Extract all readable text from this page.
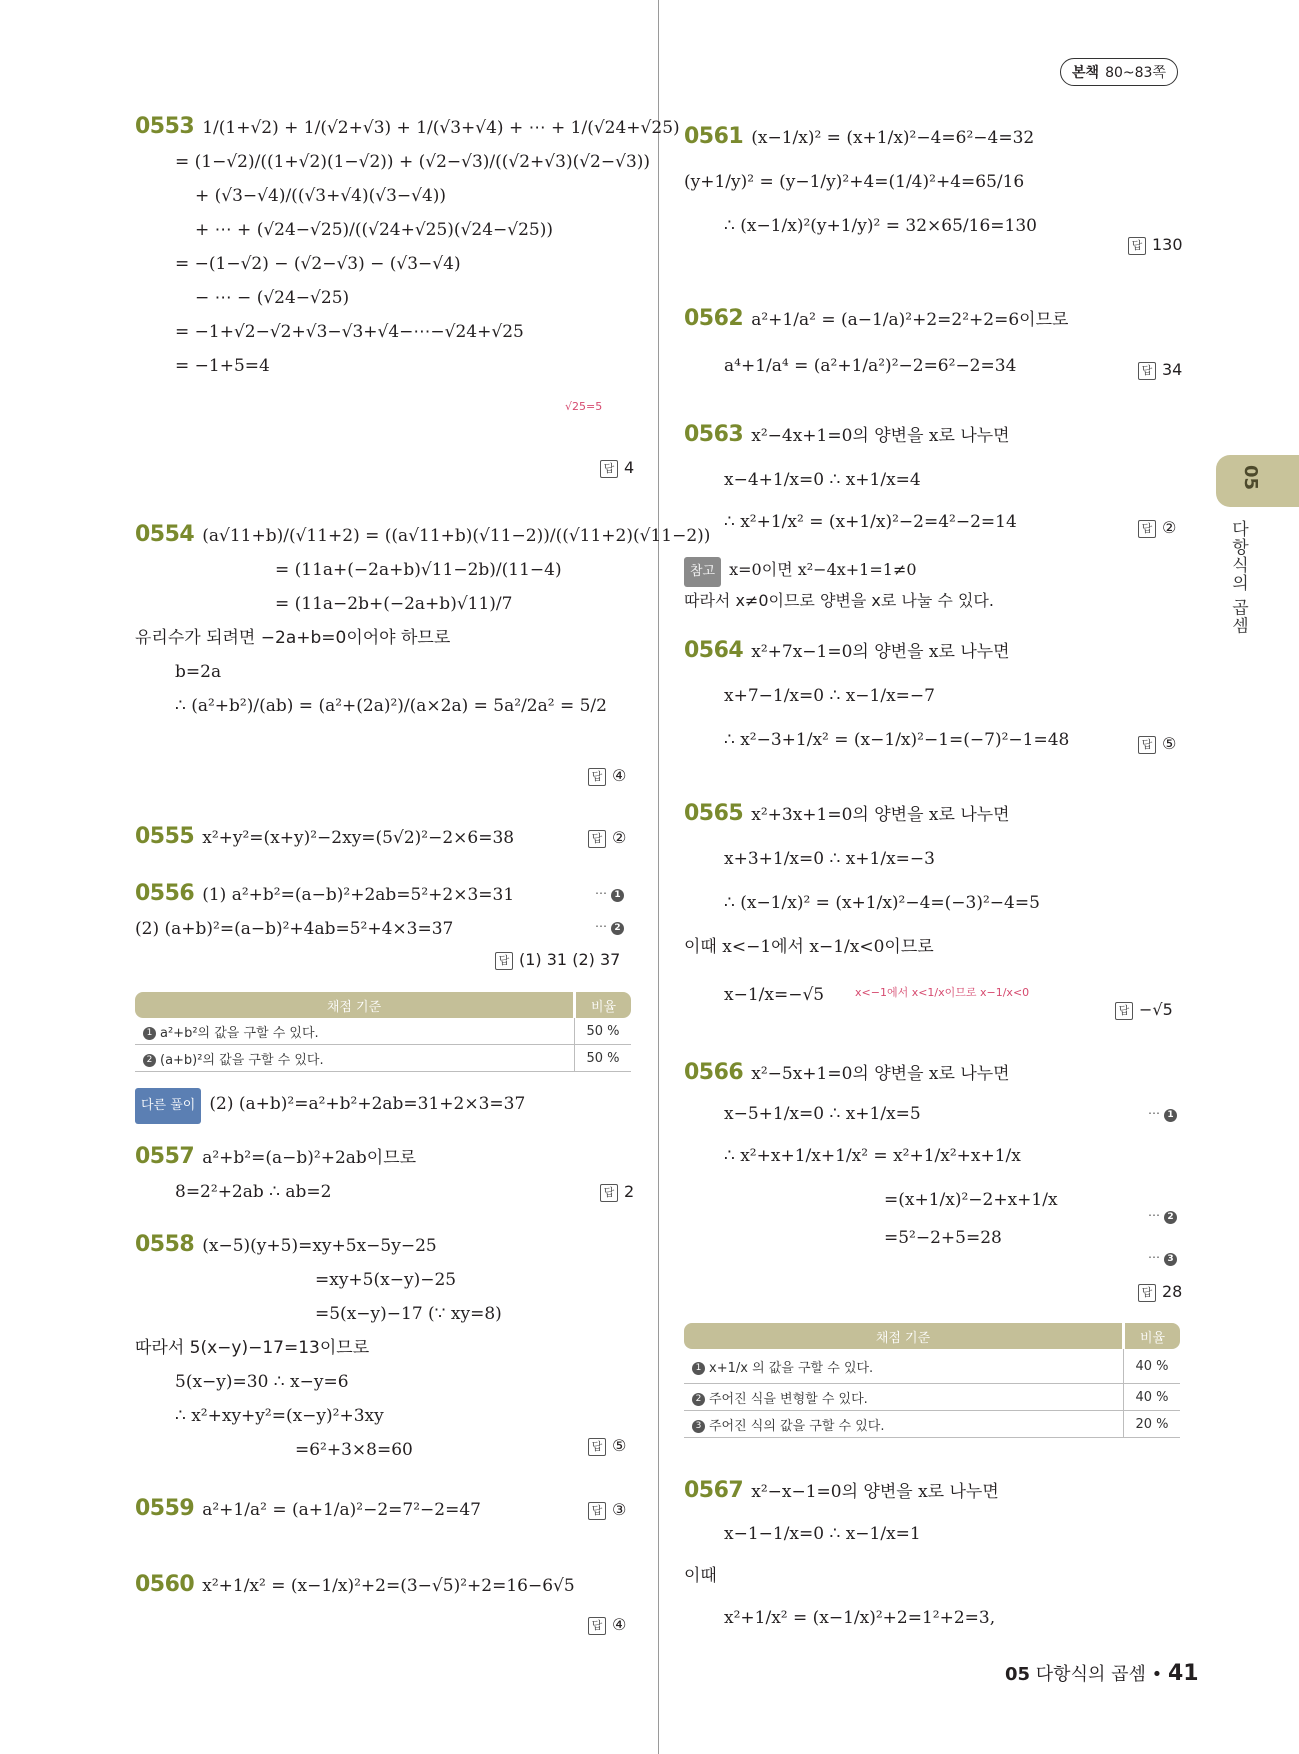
본책 80~83쪽
05
다항식의 곱셈
0553 1/(1+√2) + 1/(√2+√3) + 1/(√3+√4) + ⋯ + 1/(√24+√25)
= (1−√2)/((1+√2)(1−√2)) + (√2−√3)/((√2+√3)(√2−√3))
+ (√3−√4)/((√3+√4)(√3−√4))
+ ⋯ + (√24−√25)/((√24+√25)(√24−√25))
= −(1−√2) − (√2−√3) − (√3−√4)
− ⋯ − (√24−√25)
= −1+√2−√2+√3−√3+√4−⋯−√24+√25
= −1+5=4
√25=5
답 4
0554 (a√11+b)/(√11+2) = ((a√11+b)(√11−2))/((√11+2)(√11−2))
= (11a+(−2a+b)√11−2b)/(11−4)
= (11a−2b+(−2a+b)√11)/7
유리수가 되려면 −2a+b=0이어야 하므로
b=2a
∴ (a²+b²)/(ab) = (a²+(2a)²)/(a×2a) = 5a²/2a² = 5/2
답 ④
0555 x²+y²=(x+y)²−2xy=(5√2)²−2×6=38	답 ②
0556 (1) a²+b²=(a−b)²+2ab=5²+2×3=31
(2) (a+b)²=(a−b)²+4ab=5²+4×3=37
⋯ 1
⋯ 2
답 (1) 31 (2) 37
채점 기준	비율
1 a²+b²의 값을 구할 수 있다.	50 %
2 (a+b)²의 값을 구할 수 있다.	50 %
다른 풀이 (2) (a+b)²=a²+b²+2ab=31+2×3=37
0557 a²+b²=(a−b)²+2ab이므로
8=2²+2ab ∴ ab=2	답 2
0558 (x−5)(y+5)=xy+5x−5y−25
=xy+5(x−y)−25
=5(x−y)−17 (∵ xy=8)
따라서 5(x−y)−17=13이므로
5(x−y)=30 ∴ x−y=6
∴ x²+xy+y²=(x−y)²+3xy
=6²+3×8=60	답 ⑤
0559 a²+1/a² = (a+1/a)²−2=7²−2=47	답 ③
0560 x²+1/x² = (x−1/x)²+2=(3−√5)²+2=16−6√5
답 ④
0561 (x−1/x)² = (x+1/x)²−4=6²−4=32
(y+1/y)² = (y−1/y)²+4=(1/4)²+4=65/16
∴ (x−1/x)²(y+1/y)² = 32×65/16=130
답 130
0562 a²+1/a² = (a−1/a)²+2=2²+2=6이므로
a⁴+1/a⁴ = (a²+1/a²)²−2=6²−2=34	답 34
0563 x²−4x+1=0의 양변을 x로 나누면
x−4+1/x=0 ∴ x+1/x=4
∴ x²+1/x² = (x+1/x)²−2=4²−2=14	답 ②
참고 x=0이면 x²−4x+1=1≠0
따라서 x≠0이므로 양변을 x로 나눌 수 있다.
0564 x²+7x−1=0의 양변을 x로 나누면
x+7−1/x=0 ∴ x−1/x=−7
∴ x²−3+1/x² = (x−1/x)²−1=(−7)²−1=48	답 ⑤
0565 x²+3x+1=0의 양변을 x로 나누면
x+3+1/x=0 ∴ x+1/x=−3
∴ (x−1/x)² = (x+1/x)²−4=(−3)²−4=5
이때 x<−1에서 x−1/x<0이므로
x−1/x=−√5	x<−1에서 x<1/x이므로 x−1/x<0
답 −√5
0566 x²−5x+1=0의 양변을 x로 나누면
x−5+1/x=0 ∴ x+1/x=5
∴ x²+x+1/x+1/x² = x²+1/x²+x+1/x
=(x+1/x)²−2+x+1/x
=5²−2+5=28
⋯ 1
⋯ 2
⋯ 3
답 28
채점 기준	비율
1 x+1/x 의 값을 구할 수 있다.	40 %
2 주어진 식을 변형할 수 있다.	40 %
3 주어진 식의 값을 구할 수 있다.	20 %
0567 x²−x−1=0의 양변을 x로 나누면
x−1−1/x=0 ∴ x−1/x=1
이때
x²+1/x² = (x−1/x)²+2=1²+2=3,
05 다항식의 곱셈 • 41
